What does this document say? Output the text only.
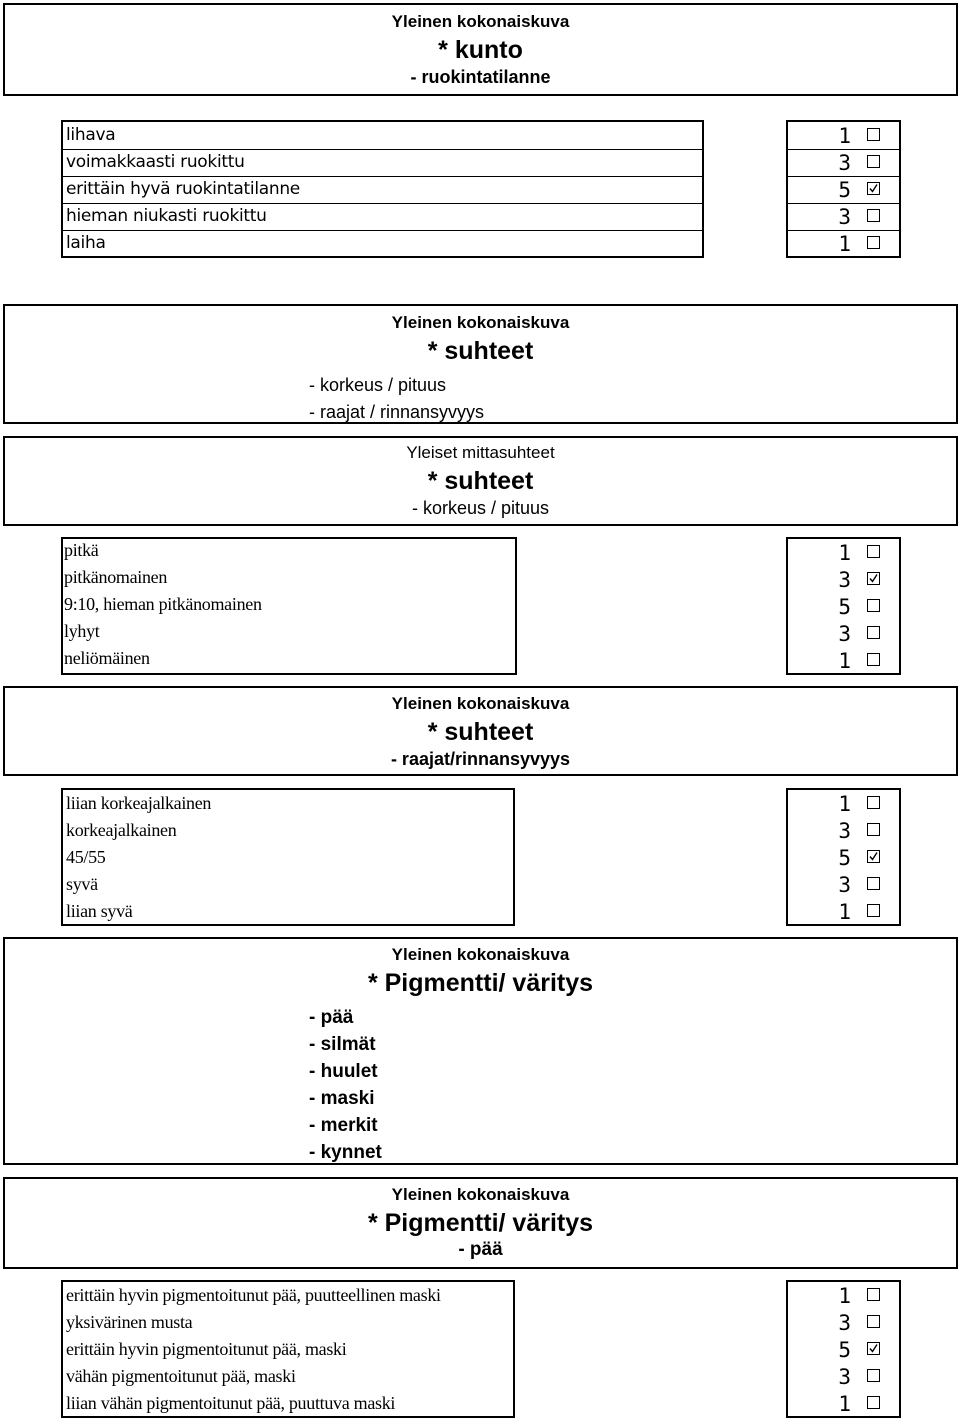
Yleinen kokonaiskuva
* kunto
- ruokintatilanne
lihava
voimakkaasti ruokittu
erittäin hyvä ruokintatilanne
hieman niukasti ruokittu
laiha
1
3
5
3
1
Yleinen kokonaiskuva
* suhteet
- korkeus / pituus
- raajat / rinnansyvyys
Yleiset mittasuhteet
* suhteet
- korkeus / pituus
pitkä
pitkänomainen
9:10, hieman pitkänomainen
lyhyt
neliömäinen
1
3
5
3
1
Yleinen kokonaiskuva
* suhteet
- raajat/rinnansyvyys
liian korkeajalkainen
korkeajalkainen
45/55
syvä
liian syvä
1
3
5
3
1
Yleinen kokonaiskuva
* Pigmentti/ väritys
- pää
- silmät
- huulet
- maski
- merkit
- kynnet
Yleinen kokonaiskuva
* Pigmentti/ väritys
- pää
erittäin hyvin pigmentoitunut pää, puutteellinen maski
yksivärinen musta
erittäin hyvin pigmentoitunut pää, maski
vähän pigmentoitunut pää, maski
liian vähän pigmentoitunut pää, puuttuva maski
1
3
5
3
1
